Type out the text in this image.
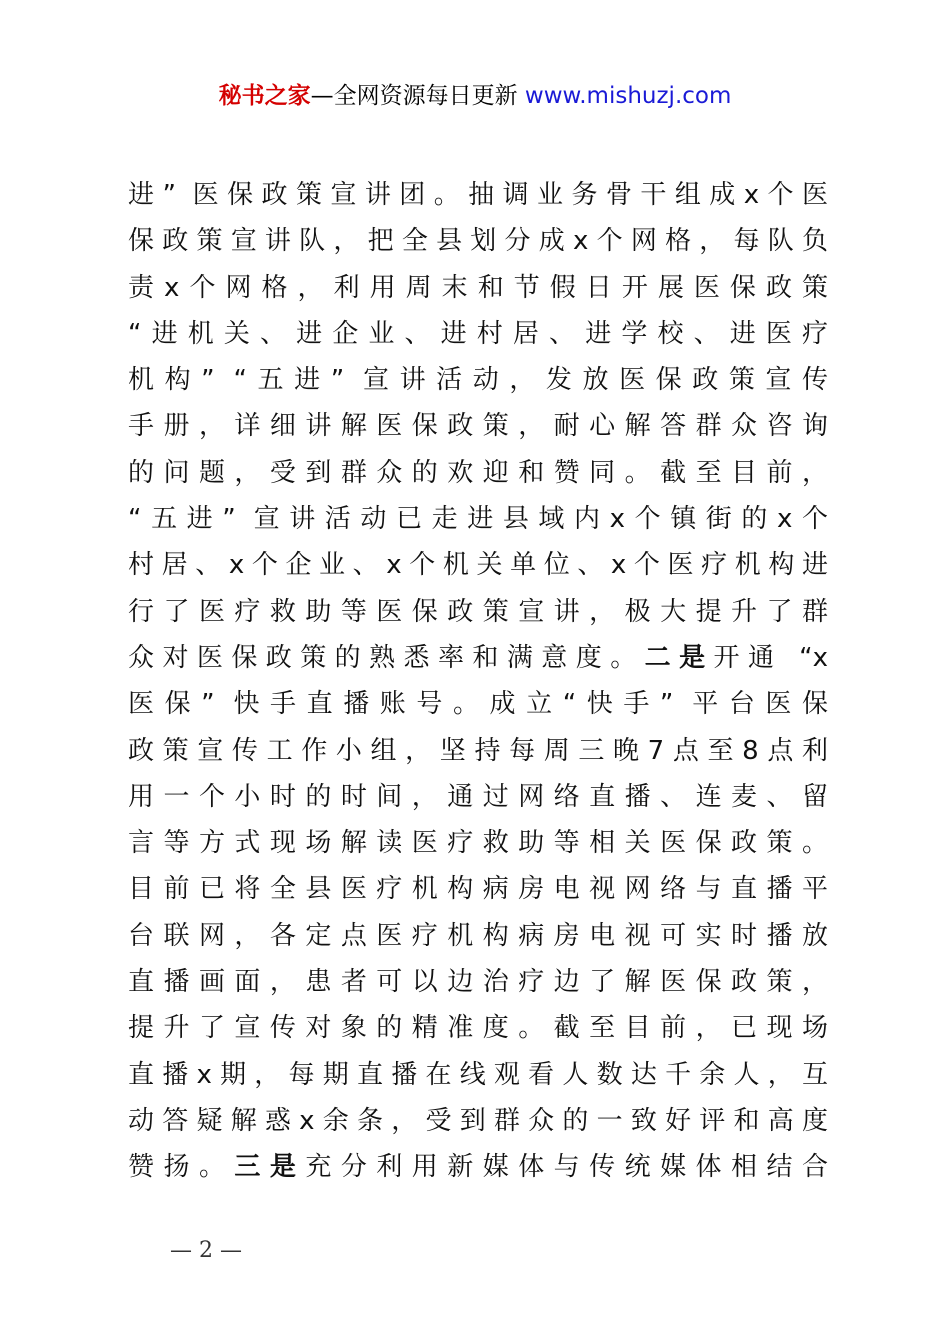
秘书之家—全网资源每日更新 www.mishuzj.com
进” 医保政策宣讲团。抽调业务骨干组成x个医
保政策宣讲队，把全县划分成x个网格，每队负
责x个网格，利用周末和节假日开展医保政策
“进机关、进企业、进村居、进学校、进医疗
机构” “五进” 宣讲活动，发放医保政策宣传
手册，详细讲解医保政策，耐心解答群众咨询
的问题，受到群众的欢迎和赞同。截至目前，
“五进” 宣讲活动已走进县域内x个镇街的x个
村居、x个企业、x个机关单位、x个医疗机构进
行了医疗救助等医保政策宣讲，极大提升了群
众对医保政策的熟悉率和满意度。二是开通 “x
医保” 快手直播账号。成立“快手” 平台医保
政策宣传工作小组，坚持每周三晚7点至8点利
用一个小时的时间，通过网络直播、连麦、留
言等方式现场解读医疗救助等相关医保政策。
目前已将全县医疗机构病房电视网络与直播平
台联网，各定点医疗机构病房电视可实时播放
直播画面，患者可以边治疗边了解医保政策，
提升了宣传对象的精准度。截至目前，已现场
直播x期，每期直播在线观看人数达千余人，互
动答疑解惑x余条，受到群众的一致好评和高度
赞扬。三是充分利用新媒体与传统媒体相结合
— 2 —
